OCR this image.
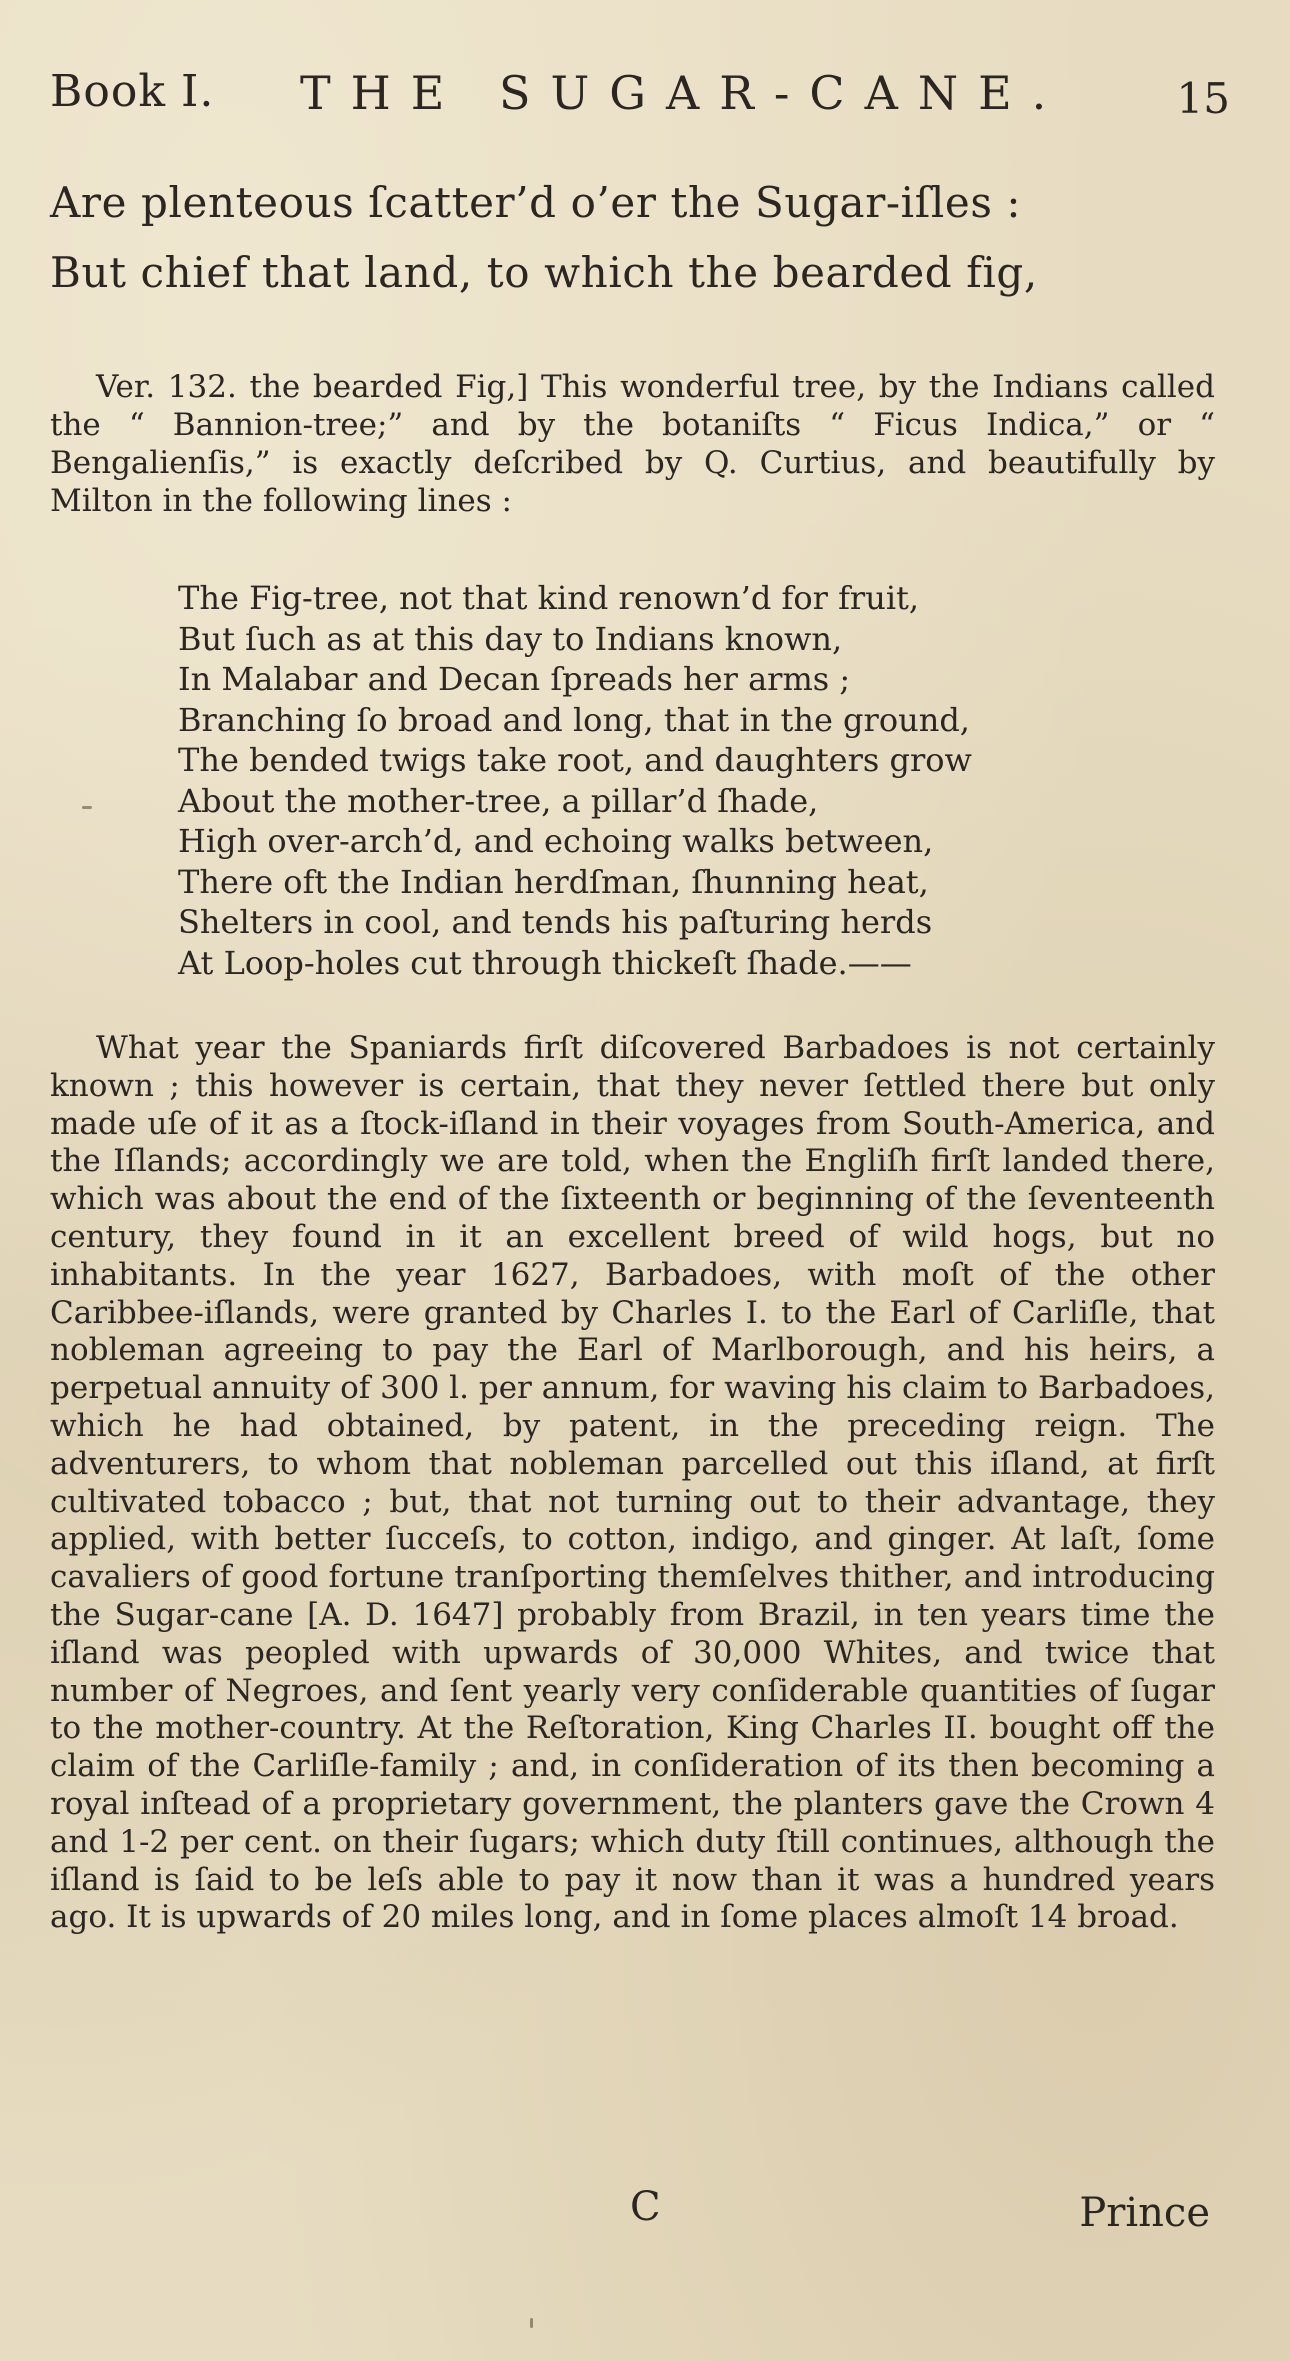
Book I. THE SUGAR-CANE.	15
Are plenteous ſcatter’d o’er the Sugar-iſles :
But chief that land, to which the bearded fig,

Ver. 132. the bearded Fig,] This wonderful tree, by the Indians called the “ Bannion-tree;” and by the botaniſts “ Ficus Indica,” or “ Bengalienſis,” is exactly deſcribed by Q. Curtius, and beautifully by Milton in the following lines :

The Fig-tree, not that kind renown’d for fruit,
But ſuch as at this day to Indians known,
In Malabar and Decan ſpreads her arms ;
Branching ſo broad and long, that in the ground,
The bended twigs take root, and daughters grow
About the mother-tree, a pillar’d ſhade,
High over-arch’d, and echoing walks between,
There oft the Indian herdſman, ſhunning heat,
Shelters in cool, and tends his paſturing herds
At Loop-holes cut through thickeſt ſhade.——

What year the Spaniards firſt diſcovered Barbadoes is not certainly known ; this however is certain, that they never ſettled there but only made uſe of it as a ſtock-iſland in their voyages from South-America, and the Iſlands; accordingly we are told, when the Engliſh firſt landed there, which was about the end of the ſixteenth or beginning of the ſeventeenth century, they found in it an excellent breed of wild hogs, but no inhabitants. In the year 1627, Barbadoes, with moſt of the other Caribbee-iſlands, were granted by Charles I. to the Earl of Carliſle, that nobleman agreeing to pay the Earl of Marlborough, and his heirs, a perpetual annuity of 300 l. per annum, for waving his claim to Barbadoes, which he had obtained, by patent, in the preceding reign. The adventurers, to whom that nobleman parcelled out this iſland, at firſt cultivated tobacco ; but, that not turning out to their advantage, they applied, with better ſucceſs, to cotton, indigo, and ginger. At laſt, ſome cavaliers of good fortune tranſporting themſelves thither, and introducing the Sugar-cane [A. D. 1647] probably from Brazil, in ten years time the iſland was peopled with upwards of 30,000 Whites, and twice that number of Negroes, and ſent yearly very conſiderable quantities of ſugar to the mother-country. At the Reſtoration, King Charles II. bought off the claim of the Carliſle-family ; and, in conſideration of its then becoming a royal inſtead of a proprietary government, the planters gave the Crown 4 and 1-2 per cent. on their ſugars; which duty ſtill continues, although the iſland is ſaid to be leſs able to pay it now than it was a hundred years ago. It is upwards of 20 miles long, and in ſome places almoſt 14 broad.

C	Prince
